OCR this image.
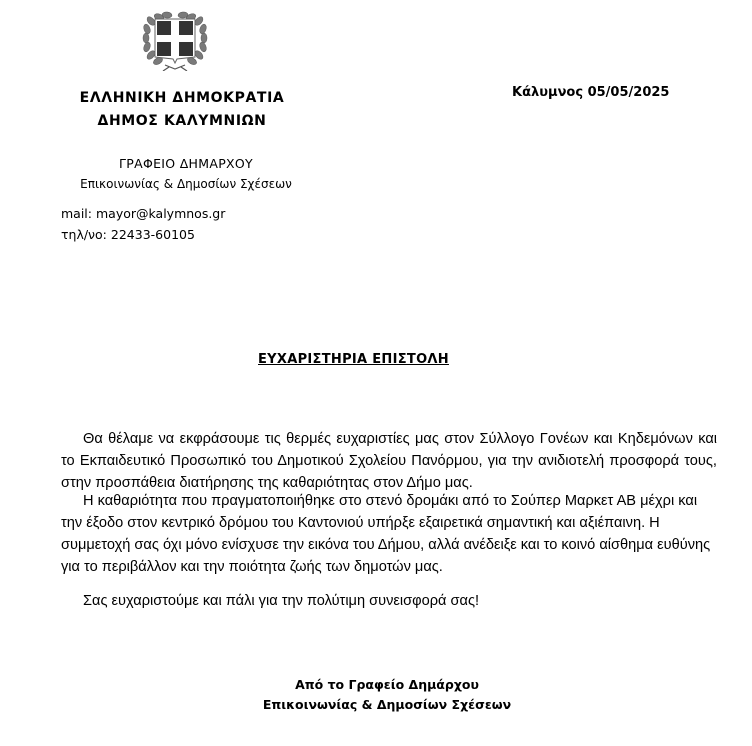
ΕΛΛΗΝΙΚΗ ΔΗΜΟΚΡΑΤΙΑ
ΔΗΜΟΣ ΚΑΛΥΜΝΙΩΝ
Κάλυμνος 05/05/2025
ΓΡΑΦΕΙΟ ΔΗΜΑΡΧΟΥ
Επικοινωνίας & Δημοσίων Σχέσεων
mail: mayor@kalymnos.gr
τηλ/νο: 22433-60105
ΕΥΧΑΡΙΣΤΗΡΙΑ ΕΠΙΣΤΟΛΗ

Θα θέλαμε να εκφράσουμε τις θερμές ευχαριστίες μας στον Σύλλογο Γονέων και Κηδεμόνων και το Εκπαιδευτικό Προσωπικό του Δημοτικού Σχολείου Πανόρμου, για την ανιδιοτελή προσφορά τους, στην προσπάθεια διατήρησης της καθαριότητας στον Δήμο μας.

Η καθαριότητα που πραγματοποιήθηκε στο στενό δρομάκι από το Σούπερ Μαρκετ ΑΒ μέχρι και την έξοδο στον κεντρικό δρόμου του Καντονιού υπήρξε εξαιρετικά σημαντική και αξιέπαινη. Η συμμετοχή σας όχι μόνο ενίσχυσε την εικόνα του Δήμου, αλλά ανέδειξε και το κοινό αίσθημα ευθύνης για το περιβάλλον και την ποιότητα ζωής των δημοτών μας.

Σας ευχαριστούμε και πάλι για την πολύτιμη συνεισφορά σας!

Από το Γραφείο Δημάρχου
Επικοινωνίας & Δημοσίων Σχέσεων
